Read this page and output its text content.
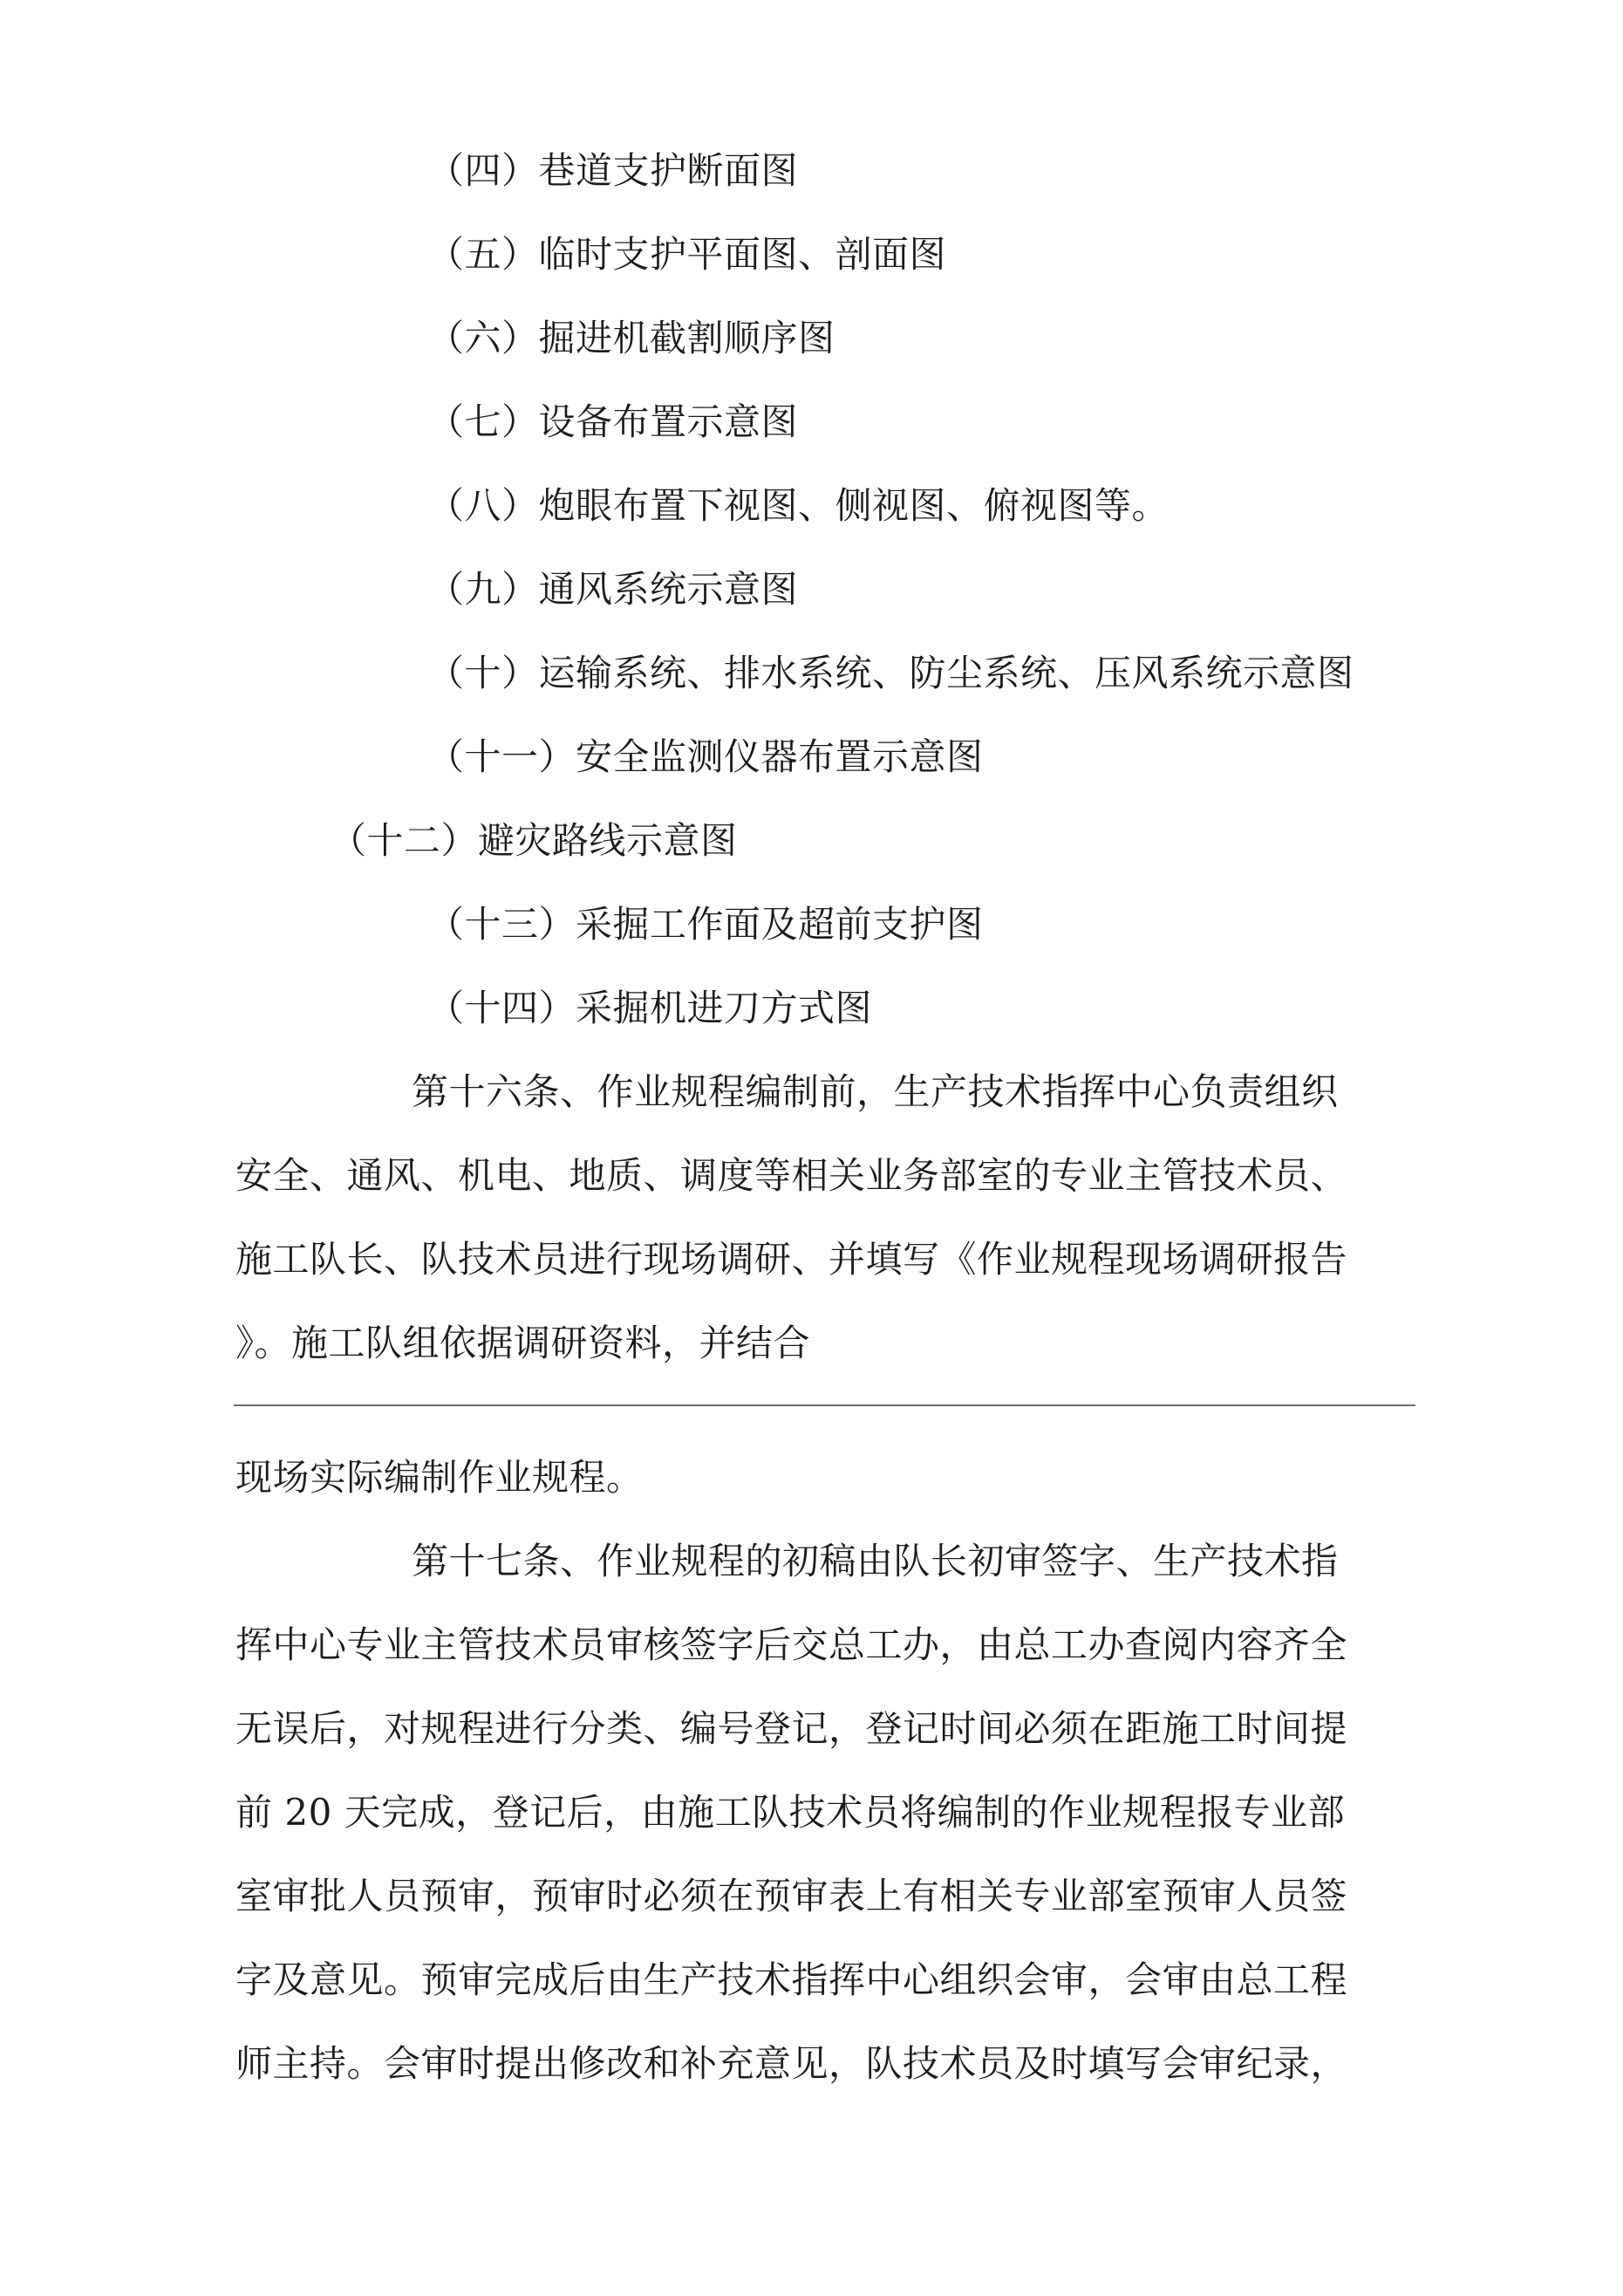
（四）巷道支护断面图
（五）临时支护平面图、剖面图
（六）掘进机截割顺序图
（七）设备布置示意图
（八）炮眼布置下视图、侧视图、俯视图等。
（九）通风系统示意图
（十）运输系统、排水系统、防尘系统、压风系统示意图
（十一）安全监测仪器布置示意图
（十二）避灾路线示意图
（十三）采掘工作面及超前支护图
（十四）采掘机进刀方式图
第十六条、作业规程编制前，生产技术指挥中心负责组织
安全、通风、机电、地质、调度等相关业务部室的专业主管技术员、
施工队长、队技术员进行现场调研、并填写《作业规程现场调研报告
》。施工队组依据调研资料，并结合
现场实际编制作业规程。
第十七条、作业规程的初稿由队长初审签字、生产技术指
挥中心专业主管技术员审核签字后交总工办，由总工办查阅内容齐全
无误后，对规程进行分类、编号登记，登记时间必须在距施工时间提
前 20 天完成，登记后，由施工队技术员将编制的作业规程报专业部
室审批人员预审，预审时必须在预审表上有相关专业部室预审人员签
字及意见。预审完成后由生产技术指挥中心组织会审，会审由总工程
师主持。会审时提出修改和补充意见，队技术员及时填写会审纪录，
